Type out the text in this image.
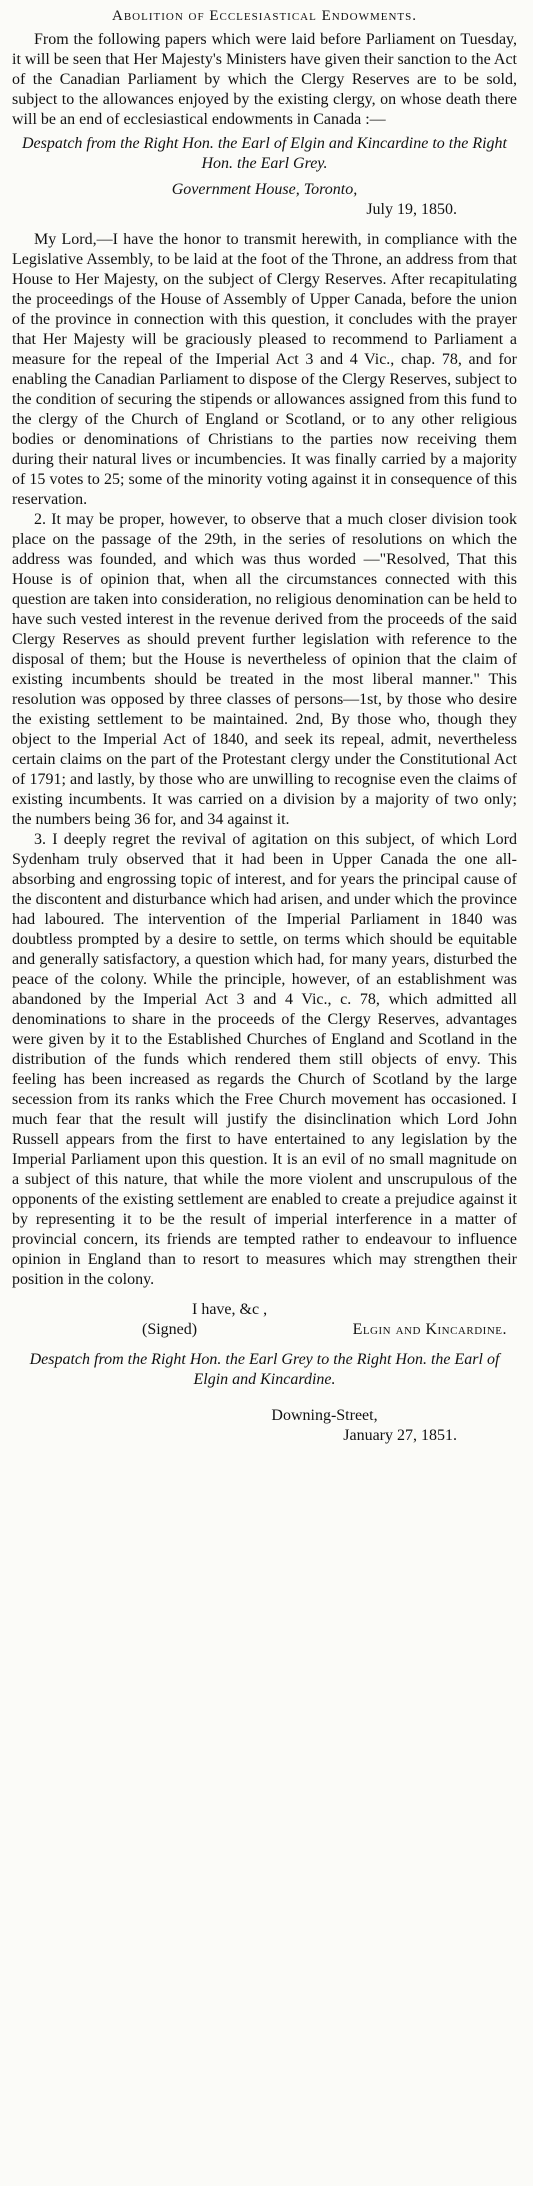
Abolition of Ecclesiastical Endowments.

From the following papers which were laid before Parliament on Tuesday, it will be seen that Her Majesty's Ministers have given their sanction to the Act of the Canadian Parliament by which the Clergy Reserves are to be sold, subject to the allowances enjoyed by the existing clergy, on whose death there will be an end of ecclesiastical endowments in Canada :—

Despatch from the Right Hon. the Earl of Elgin and Kincardine to the Right Hon. the Earl Grey.

Government House, Toronto,

July 19, 1850.

My Lord,—I have the honor to transmit herewith, in compliance with the Legislative Assembly, to be laid at the foot of the Throne, an address from that House to Her Majesty, on the subject of Clergy Reserves. After recapitulating the proceedings of the House of Assembly of Upper Canada, before the union of the province in connection with this question, it concludes with the prayer that Her Majesty will be graciously pleased to recommend to Parliament a measure for the repeal of the Imperial Act 3 and 4 Vic., chap. 78, and for enabling the Canadian Parliament to dispose of the Clergy Reserves, subject to the condition of securing the stipends or allowances assigned from this fund to the clergy of the Church of England or Scotland, or to any other religious bodies or denominations of Christians to the parties now receiving them during their natural lives or incumbencies. It was finally carried by a majority of 15 votes to 25; some of the minority voting against it in consequence of this reservation.

2. It may be proper, however, to observe that a much closer division took place on the passage of the 29th, in the series of resolutions on which the address was founded, and which was thus worded —"Resolved, That this House is of opinion that, when all the circumstances connected with this question are taken into consideration, no religious denomination can be held to have such vested interest in the revenue derived from the proceeds of the said Clergy Reserves as should prevent further legislation with reference to the disposal of them; but the House is nevertheless of opinion that the claim of existing incumbents should be treated in the most liberal manner." This resolution was opposed by three classes of persons—1st, by those who desire the existing settlement to be maintained. 2nd, By those who, though they object to the Imperial Act of 1840, and seek its repeal, admit, nevertheless certain claims on the part of the Protestant clergy under the Constitutional Act of 1791; and lastly, by those who are unwilling to recognise even the claims of existing incumbents. It was carried on a division by a majority of two only; the numbers being 36 for, and 34 against it.

3. I deeply regret the revival of agitation on this subject, of which Lord Sydenham truly observed that it had been in Upper Canada the one all-absorbing and engrossing topic of interest, and for years the principal cause of the discontent and disturbance which had arisen, and under which the province had laboured. The intervention of the Imperial Parliament in 1840 was doubtless prompted by a desire to settle, on terms which should be equitable and generally satisfactory, a question which had, for many years, disturbed the peace of the colony. While the principle, however, of an establishment was abandoned by the Imperial Act 3 and 4 Vic., c. 78, which admitted all denominations to share in the proceeds of the Clergy Reserves, advantages were given by it to the Established Churches of England and Scotland in the distribution of the funds which rendered them still objects of envy. This feeling has been increased as regards the Church of Scotland by the large secession from its ranks which the Free Church movement has occasioned. I much fear that the result will justify the disinclination which Lord John Russell appears from the first to have entertained to any legislation by the Imperial Parliament upon this question. It is an evil of no small magnitude on a subject of this nature, that while the more violent and unscrupulous of the opponents of the existing settlement are enabled to create a prejudice against it by representing it to be the result of imperial interference in a matter of provincial concern, its friends are tempted rather to endeavour to influence opinion in England than to resort to measures which may strengthen their position in the colony.

I have, &c ,
(Signed)	Elgin and Kincardine.

Despatch from the Right Hon. the Earl Grey to the Right Hon. the Earl of Elgin and Kincardine.

Downing-Street,

January 27, 1851.
